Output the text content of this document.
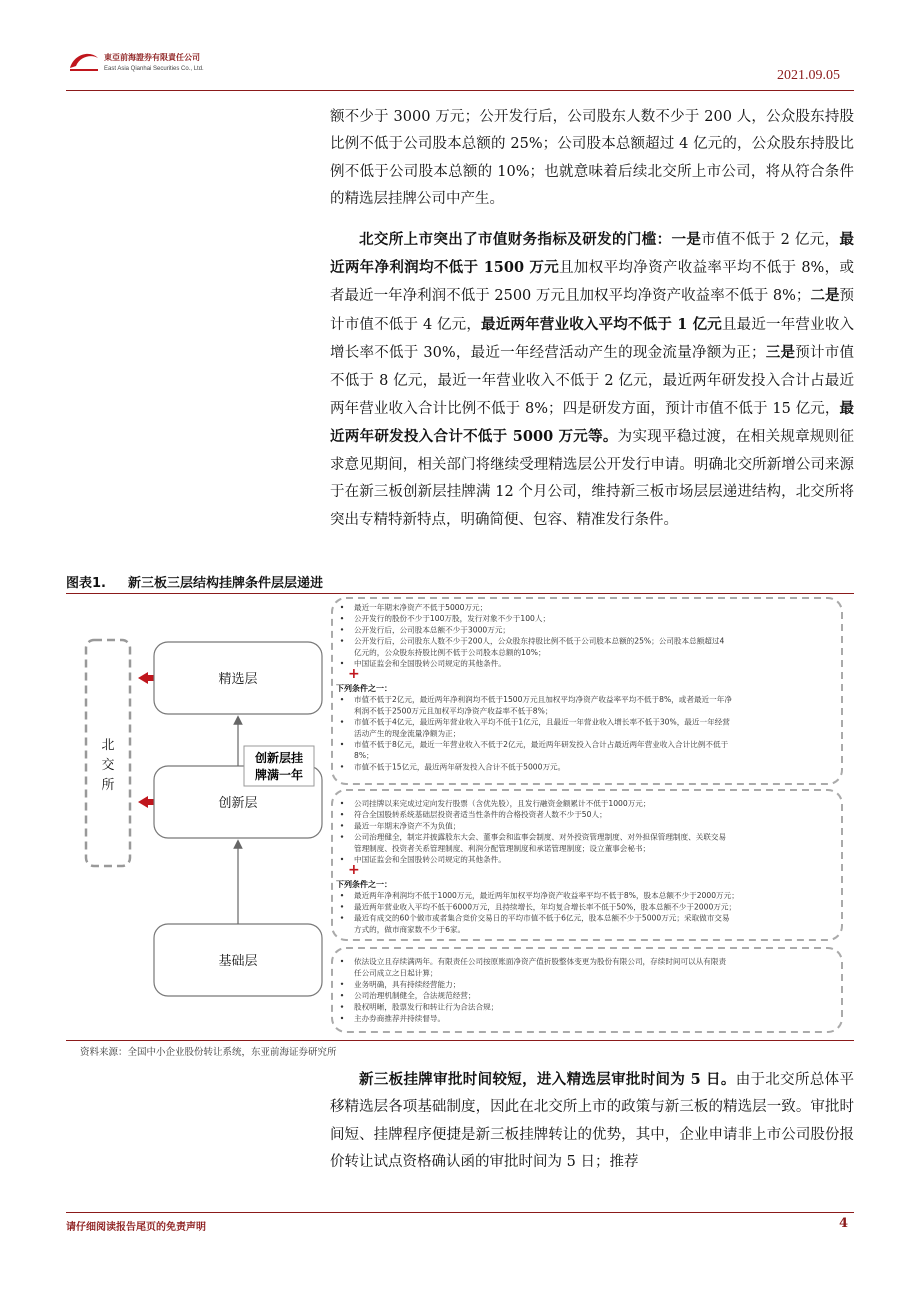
東亞前海證券有限責任公司
East Asia Qianhai Securities Co., Ltd.	2021.09.05

额不少于 3000 万元；公开发行后，公司股东人数不少于 200 人，公众股东持股比例不低于公司股本总额的 25%；公司股本总额超过 4 亿元的，公众股东持股比例不低于公司股本总额的 10%；也就意味着后续北交所上市公司，将从符合条件的精选层挂牌公司中产生。

北交所上市突出了市值财务指标及研发的门槛：一是市值不低于 2 亿元，最近两年净利润均不低于 1500 万元且加权平均净资产收益率平均不低于 8%，或者最近一年净利润不低于 2500 万元且加权平均净资产收益率不低于 8%；二是预计市值不低于 4 亿元，最近两年营业收入平均不低于 1 亿元且最近一年营业收入增长率不低于 30%，最近一年经营活动产生的现金流量净额为正；三是预计市值不低于 8 亿元，最近一年营业收入不低于 2 亿元，最近两年研发投入合计占最近两年营业收入合计比例不低于 8%；四是研发方面，预计市值不低于 15 亿元，最近两年研发投入合计不低于 5000 万元等。为实现平稳过渡，在相关规章规则征求意见期间，相关部门将继续受理精选层公开发行申请。明确北交所新增公司来源于在新三板创新层挂牌满 12 个月公司，维持新三板市场层层递进结构，北交所将突出专精特新特点，明确简便、包容、精准发行条件。

图表1. 新三板三层结构挂牌条件层层递进
北
交
所
精选层
创新层
基础层
创新层挂
牌满一年
最近一年期末净资产不低于5000万元；
公开发行的股份不少于100万股，发行对象不少于100人；
公开发行后，公司股本总额不少于3000万元；
公开发行后，公司股东人数不少于200人，公众股东持股比例不低于公司股本总额的25%；公司股本总额超过4
亿元的，公众股东持股比例不低于公司股本总额的10%；
中国证监会和全国股转公司规定的其他条件。
+
下列条件之一：
市值不低于2亿元，最近两年净利润均不低于1500万元且加权平均净资产收益率平均不低于8%，或者最近一年净
利润不低于2500万元且加权平均净资产收益率不低于8%；
市值不低于4亿元，最近两年营业收入平均不低于1亿元，且最近一年营业收入增长率不低于30%，最近一年经营
活动产生的现金流量净额为正；
市值不低于8亿元，最近一年营业收入不低于2亿元，最近两年研发投入合计占最近两年营业收入合计比例不低于
8%；
市值不低于15亿元，最近两年研发投入合计不低于5000万元。
公司挂牌以来完成过定向发行股票（含优先股），且发行融资金额累计不低于1000万元；
符合全国股转系统基础层投资者适当性条件的合格投资者人数不少于50人；
最近一年期末净资产不为负值；
公司治理健全，制定并披露股东大会、董事会和监事会制度、对外投资管理制度、对外担保管理制度、关联交易
管理制度、投资者关系管理制度、利润分配管理制度和承诺管理制度；设立董事会秘书；
中国证监会和全国股转公司规定的其他条件。
+
下列条件之一：
最近两年净利润均不低于1000万元，最近两年加权平均净资产收益率平均不低于8%，股本总额不少于2000万元；
最近两年营业收入平均不低于6000万元，且持续增长，年均复合增长率不低于50%，股本总额不少于2000万元；
最近有成交的60个做市或者集合竞价交易日的平均市值不低于6亿元，股本总额不少于5000万元；采取做市交易
方式的，做市商家数不少于6家。
依法设立且存续满两年。有限责任公司按原账面净资产值折股整体变更为股份有限公司，存续时间可以从有限责
任公司成立之日起计算；
业务明确，具有持续经营能力；
公司治理机制健全，合法规范经营；
股权明晰，股票发行和转让行为合法合规；
主办券商推荐并持续督导。
资料来源：全国中小企业股份转让系统，东亚前海证券研究所

新三板挂牌审批时间较短，进入精选层审批时间为 5 日。由于北交所总体平移精选层各项基础制度，因此在北交所上市的政策与新三板的精选层一致。审批时间短、挂牌程序便捷是新三板挂牌转让的优势，其中，企业申请非上市公司股份报价转让试点资格确认函的审批时间为 5 日；推荐

请仔细阅读报告尾页的免责声明	4
